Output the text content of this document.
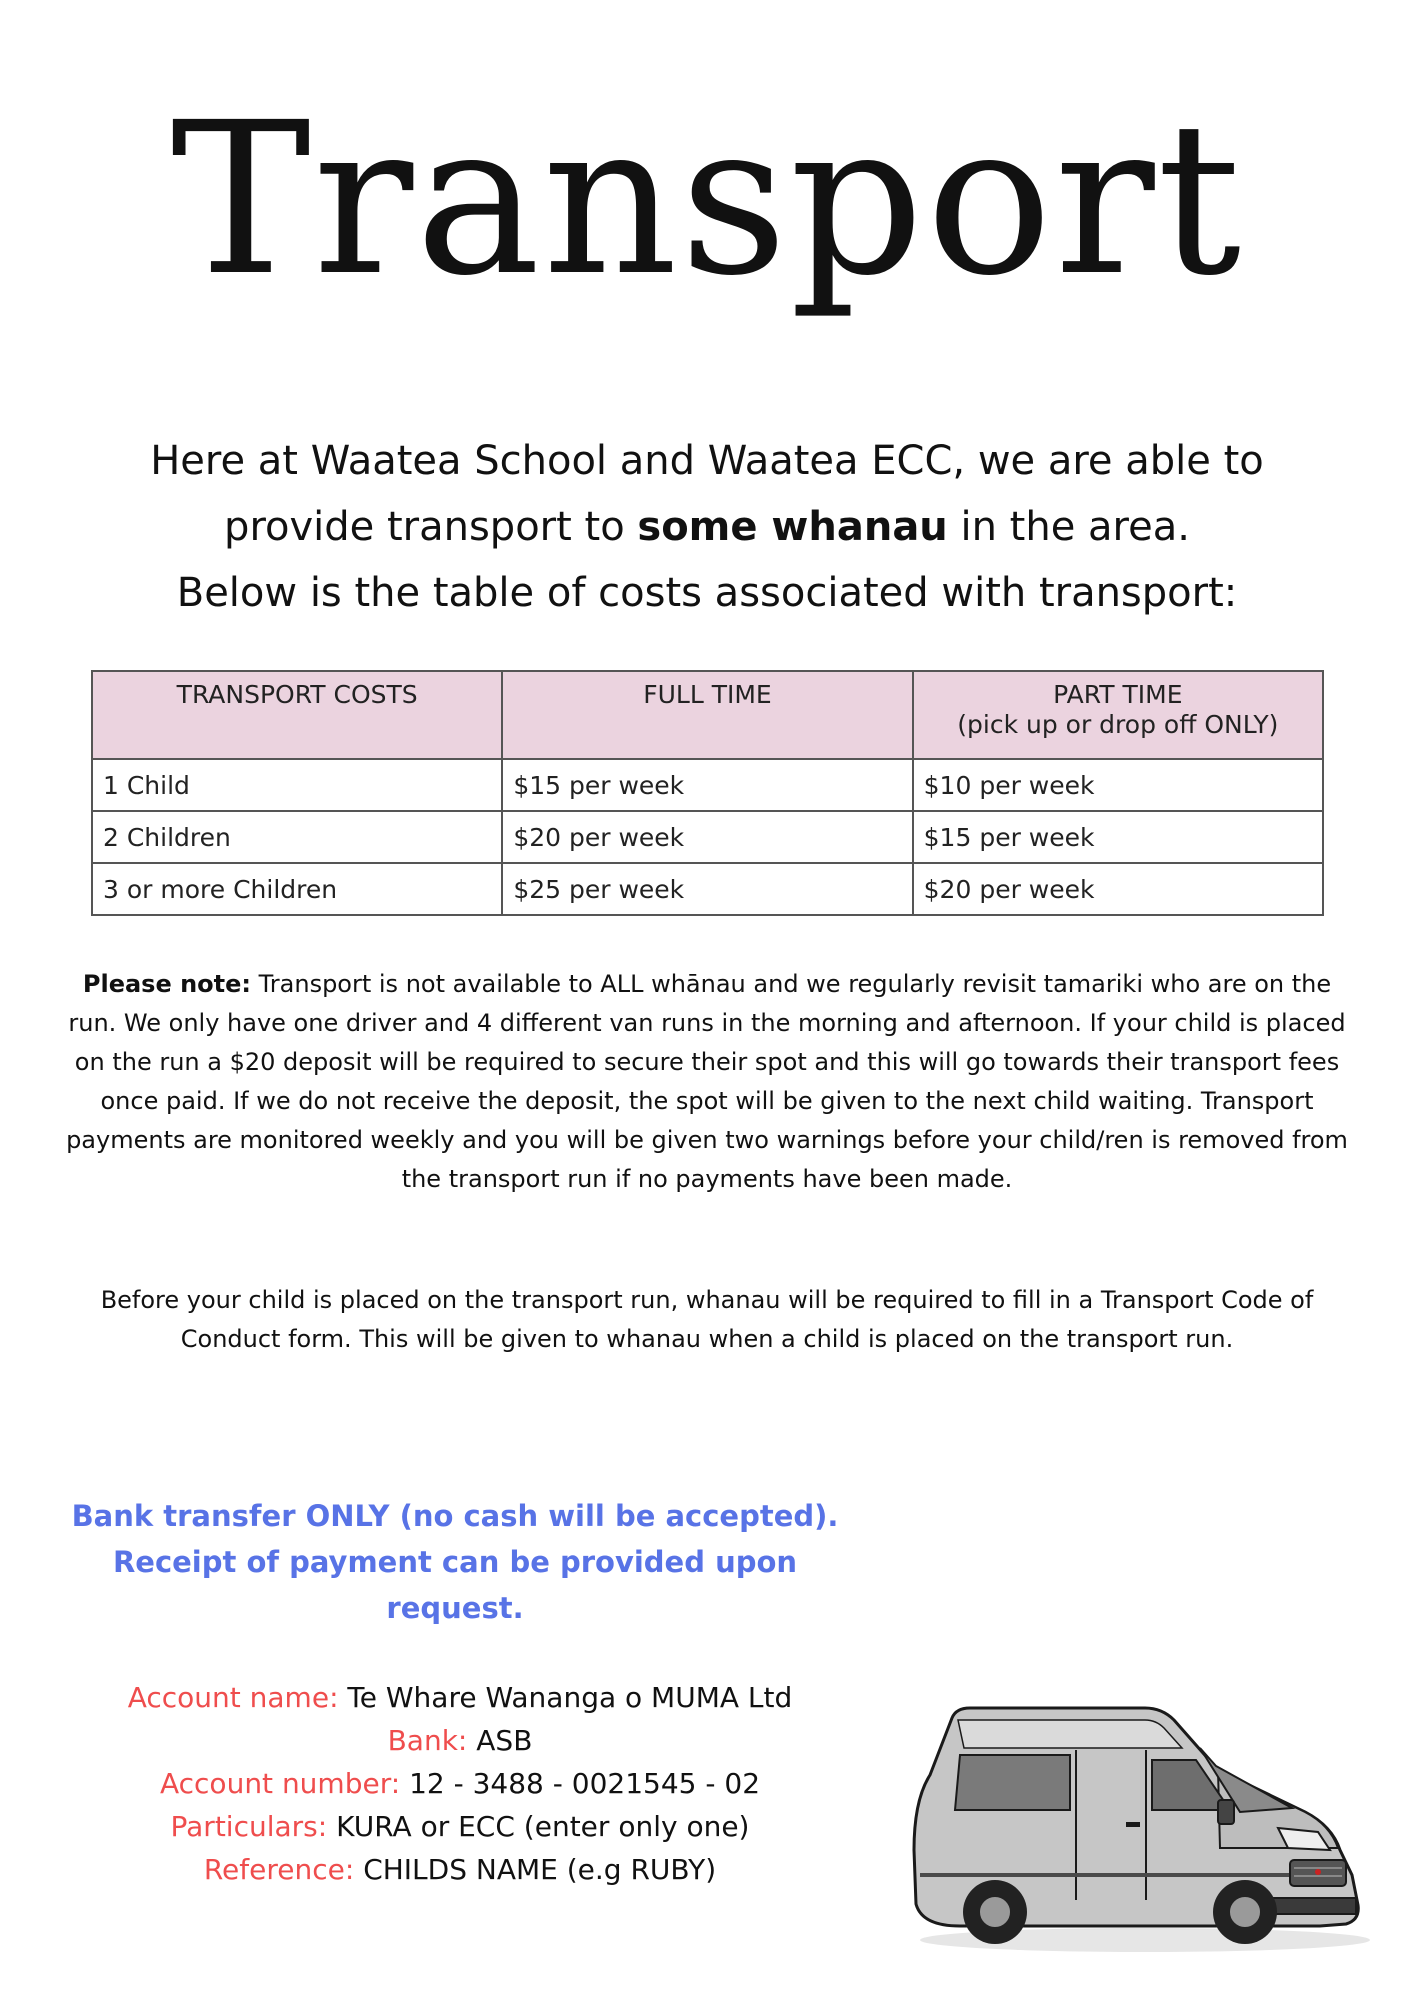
Transport
Here at Waatea School and Waatea ECC, we are able to
provide transport to some whanau in the area.
Below is the table of costs associated with transport:
TRANSPORT COSTS	FULL TIME	PART TIME
(pick up or drop off ONLY)

1 Child	$15 per week	$10 per week
2 Children	$20 per week	$15 per week
3 or more Children	$25 per week	$20 per week
Please note: Transport is not available to ALL whānau and we regularly revisit tamariki who are on the run. We only have one driver and 4 different van runs in the morning and afternoon. If your child is placed on the run a $20 deposit will be required to secure their spot and this will go towards their transport fees once paid. If we do not receive the deposit, the spot will be given to the next child waiting. Transport payments are monitored weekly and you will be given two warnings before your child/ren is removed from the transport run if no payments have been made.
Before your child is placed on the transport run, whanau will be required to fill in a Transport Code of Conduct form. This will be given to whanau when a child is placed on the transport run.
Bank transfer ONLY (no cash will be accepted).
Receipt of payment can be provided upon
request.
Account name: Te Whare Wananga o MUMA Ltd
Bank: ASB
Account number: 12 - 3488 - 0021545 - 02
Particulars: KURA or ECC (enter only one)
Reference: CHILDS NAME (e.g RUBY)
